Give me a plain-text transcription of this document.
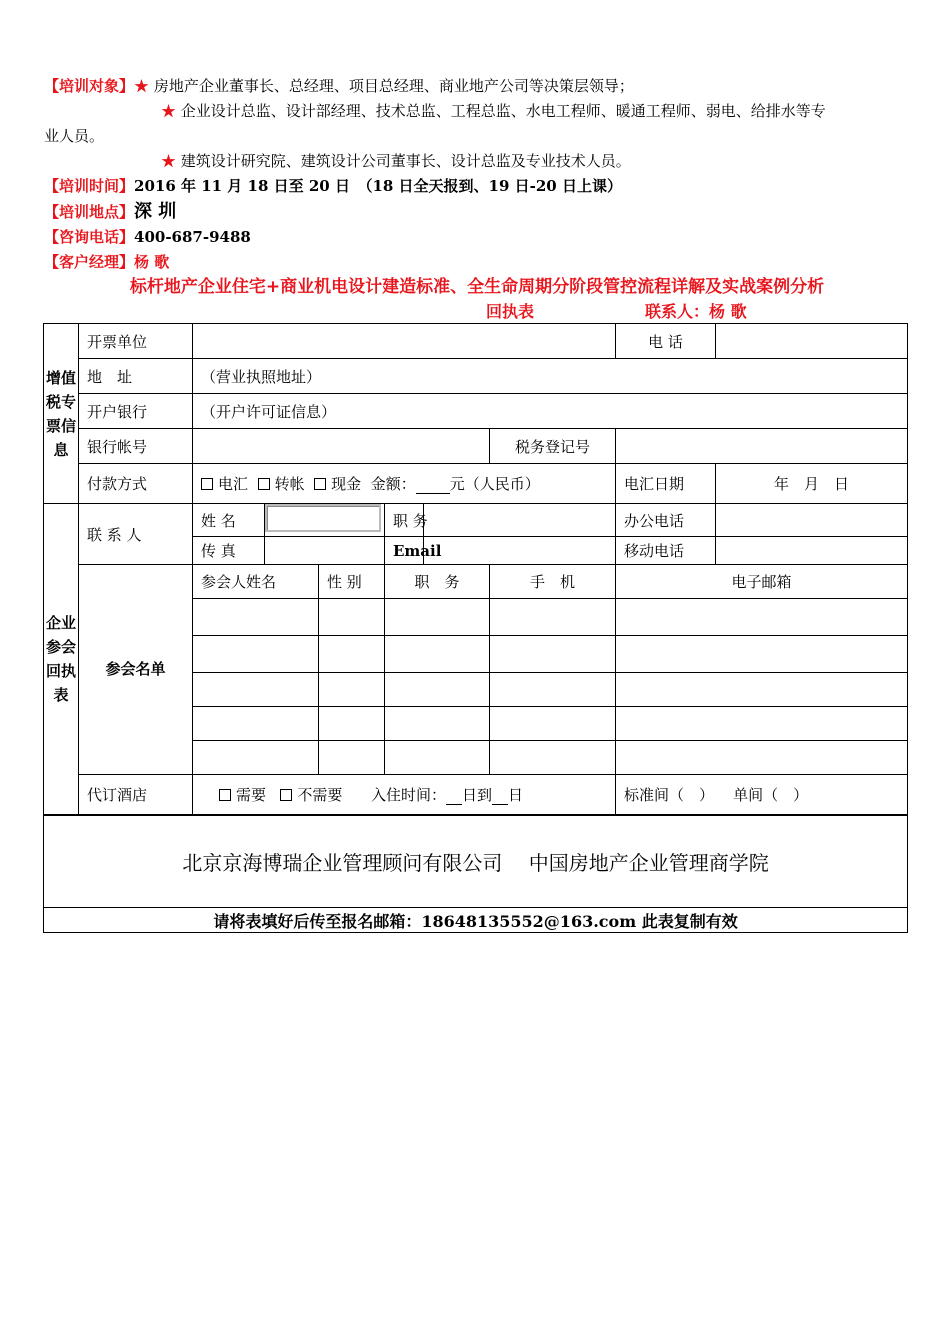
【培训对象】★ 房地产企业董事长、总经理、项目总经理、商业地产公司等决策层领导；
★ 企业设计总监、设计部经理、技术总监、工程总监、水电工程师、暖通工程师、弱电、给排水等专
业人员。
★ 建筑设计研究院、建筑设计公司董事长、设计总监及专业技术人员。
【培训时间】2016 年 11 月 18 日至 20 日　（18 日全天报到、19 日-20 日上课）
【培训地点】深 圳
【咨询电话】400-687-9488
【客户经理】杨 歌
标杆地产企业住宅+商业机电设计建造标准、全生命周期分阶段管控流程详解及实战案例分析
回执表	联系人：杨 歌
增值税专票信息	开票单位							电 话	
	地　址	（营业执照地址）							
	开户银行	（开户许可证信息）							
	银行帐号						税务登记号		
	付款方式	电汇 转帐 现金 金额： 元（人民币）						电汇日期	年　月　日
企业参会回执表	联 系 人	姓 名			职 务			办公电话	
		传 真			Email			移动电话	
	参会名单	参会人姓名		性 别	职　务		手　机	电子邮箱	

	代订酒店	需要 不需要 入住时间： 日到 日						标准间（　） 单间（　）	
北京京海博瑞企业管理顾问有限公司　 中国房地产企业管理商学院									
请将表填好后传至报名邮箱：18648135552@163.com 此表复制有效									
